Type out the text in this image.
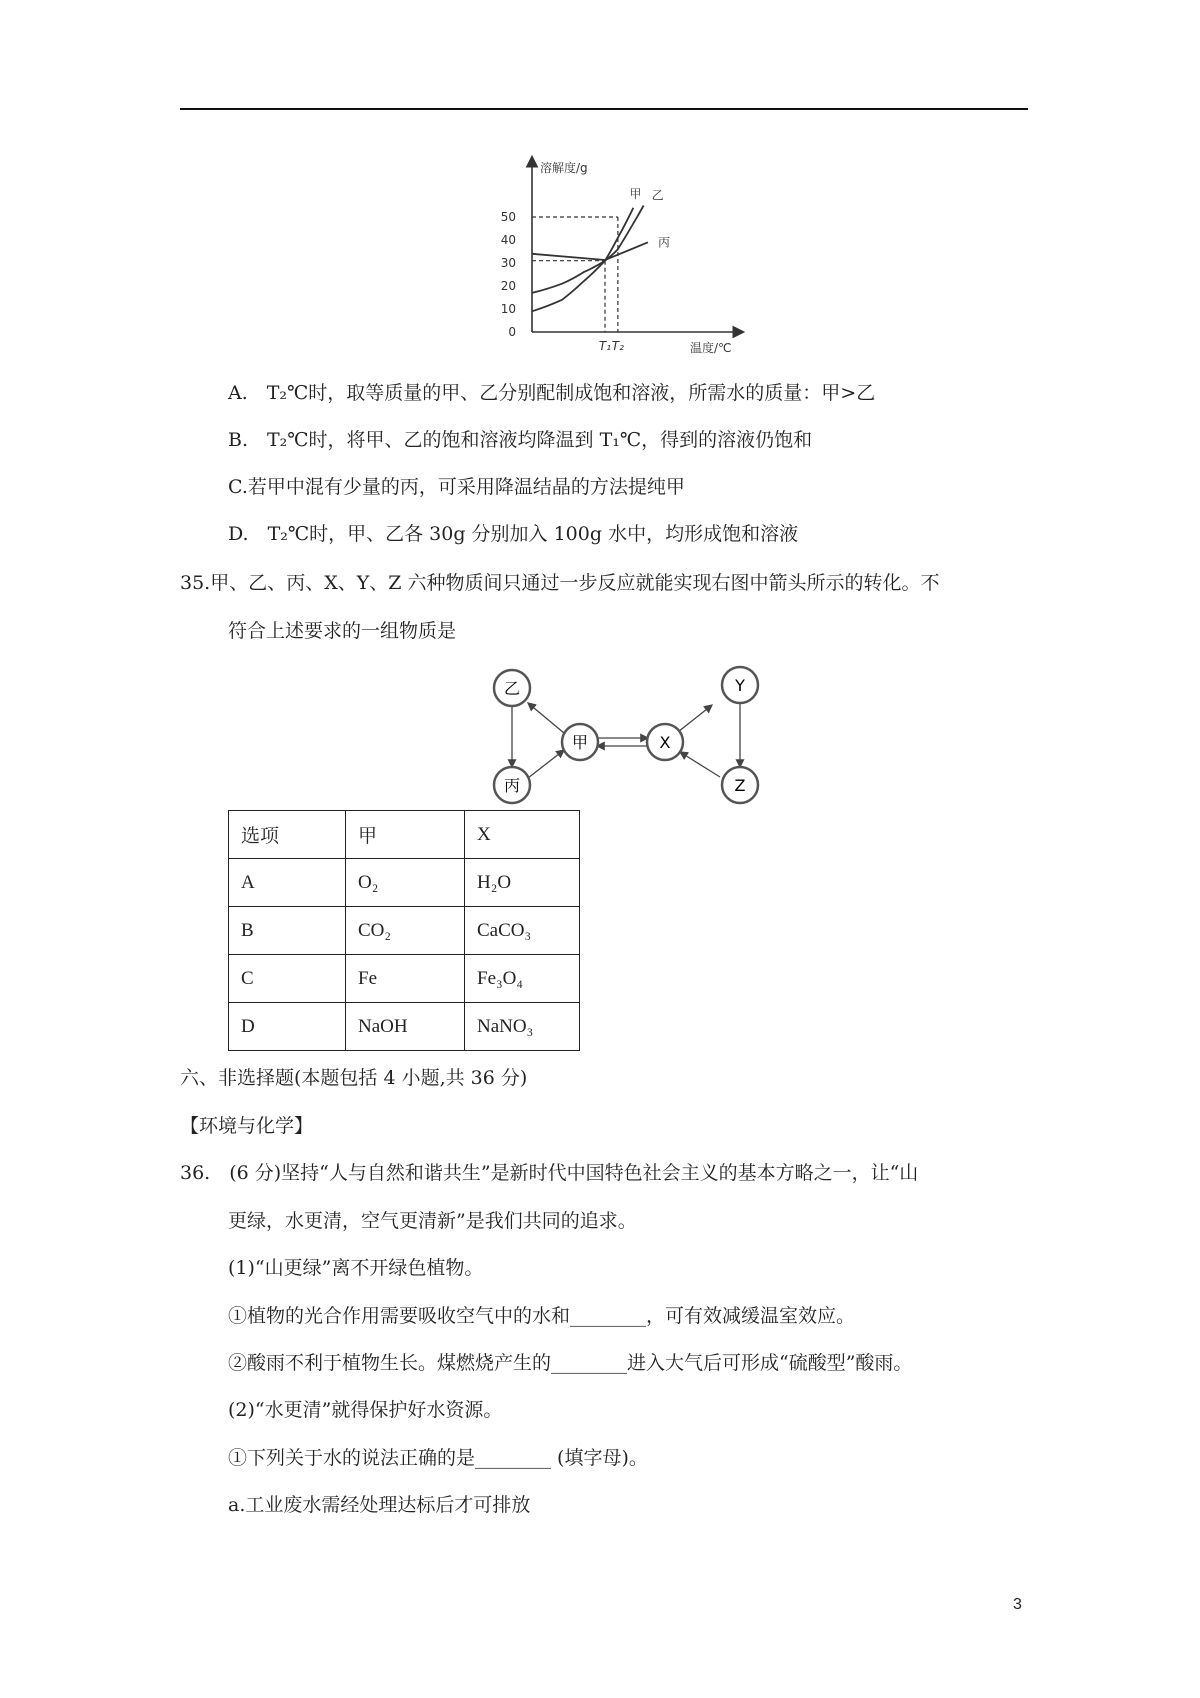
甲 乙
丙
0
10
20
30
40
50
T₁ T₂
溶解度/g
温度/℃
A.　T₂℃时，取等质量的甲、乙分别配制成饱和溶液，所需水的质量：甲>乙
B.　T₂℃时，将甲、乙的饱和溶液均降温到 T₁℃，得到的溶液仍饱和
C.若甲中混有少量的丙，可采用降温结晶的方法提纯甲
D.　T₂℃时，甲、乙各 30g 分别加入 100g 水中，均形成饱和溶液
35.甲、乙、丙、X、Y、Z 六种物质间只通过一步反应就能实现右图中箭头所示的转化。不
符合上述要求的一组物质是
乙
甲
丙
X
Y
Z
选项	甲	X
A	O₂	H₂O
B	CO₂	CaCO₃
C	Fe	Fe₃O₄
D	NaOH	NaNO₃
六、非选择题(本题包括 4 小题,共 36 分)
【环境与化学】
36.　(6 分)坚持“人与自然和谐共生”是新时代中国特色社会主义的基本方略之一，让“山
更绿，水更清，空气更清新”是我们共同的追求。
(1)“山更绿”离不开绿色植物。
①植物的光合作用需要吸收空气中的水和________，可有效减缓温室效应。
②酸雨不利于植物生长。煤燃烧产生的________进入大气后可形成“硫酸型”酸雨。
(2)“水更清”就得保护好水资源。
①下列关于水的说法正确的是________ (填字母)。
a.工业废水需经处理达标后才可排放
3
